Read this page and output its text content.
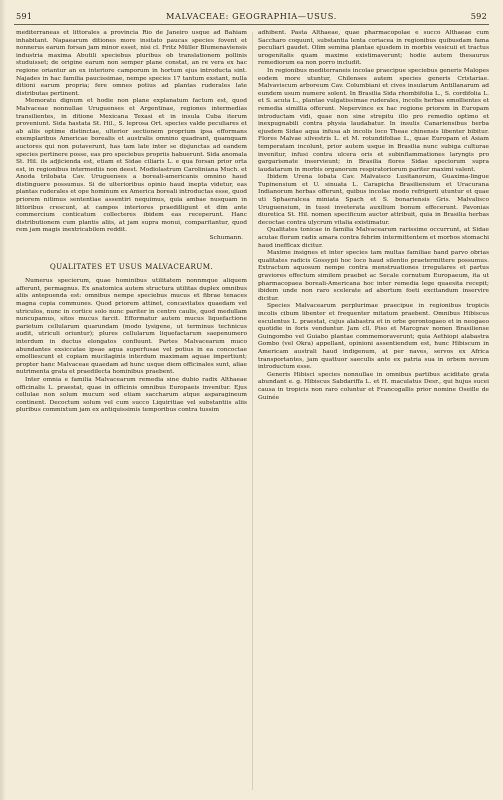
591	MALVACEAE: GEOGRAPHIA—USUS.	592

mediterraneas et littorales a provincia Rio de Janeiro usque ad Bahiam inhabitant. Napaearum ditiones more insitato paucas species fovent et nonnerus earum forsan jam minor esset, nisi cl. Fritz Müller Blumenaviensis industria maxima Abutili speciebus pluribus ob translationem pollinis studuisset; de origine earum non semper plane constat, an re vera ex hac regione oriantur an ex interiore camporum in hortum ejus introducta sint. Najades in hac familia paucissimae, nempe species 17 tantum exstant, nulla ditioni earum propria; fere omnes potius ad plantas ruderales late distributas pertinent.

Memoratu dignum et hodie non plane explanatum factum est, quod Malvaceae nonnullae Uruguenses et Argentinae, regiones intermedias transilientes, in ditione Mexicana Texasi et in insula Cuba iterum proveniunt. Sida hastata St. Hil., S. leprosa Ort. species valde peculiares et ab aliis optime distinctae, ulterior sectionem proprium ipsa efformans exemplaribus Americae borealis et australis omnino quadrant, quamquam auctores qui non putaverunt, has tam late inter se disjunctas ad eandem species pertinere posse, eas pro speciebus propriis habuerunt. Sida anomala St. Hil. ils adjicienda est, etiam et Sidae ciliaris L. e qua forsan prior orta est, in regionibus intermediis non deest. Modiolastrum Caroliniana Much. et Anoda trilobata Cav. Uruguenses a boreali-americanis omnino haud distinguere possumus. Si de ulterioribus opinio haud inepta videtur, eas plantas ruderales et ope hominum ex America boreali introductas esse, quod priorem nitimus sententiae assentiri nequimus, quia ambae nusquam in littoribus crescunt, at campos interiores praedilligunt et dim ante commercium conticatum collecteres ibidem eas receperunt. Hanc distributionem cum plantis aliis, at jam supra monui, comparitantur, quod rem jam magis inextricabilem reddit.

Schumann.
QUALITATES ET USUS MALVACEARUM.

Numerus specierum, quae hominibus utilitatem nonnmque aliquem afferunt, permagnus. Ex anatomica autem structura utilitas duplex omnibus aliis antepuenda est: omnibus nempe speciebus mucus et fibrae tenaces magna copia communes. Quod priorem attinet, concavitates quaedam vel utriculos, nunc in cortice solo nunc pariter in centro caulis, quod medullam nuncupamus, sitos mucus farcit. Efformatur autem mucus liquefactione parietum cellularum quarundam (modo lysigene, ut terminus technicus audit, utriculi oriuntur); plures cellularum liquefactarum saepenumero interdum in ductus elongatos confluunt. Partes Malvacearum muco abundantes exsiccatae ipsae aqua superfusae vel potius in ea concoctae emolliescunt et copiam mucilaginis interdum maximam aquae impertiunt; propter hanc Malvaceae quaedam ad hunc usque diem officinales sunt, aliae nutrimenta grata et praedilecta hominibus praebent.

Inter omnia e familia Malvacearum remedia sine dubio radix Althaeae officinalis L. praestat, quae in officinis omnibus Europaeis invenitur. Ejus cellulae non solum mucum sed etiam saccharum atque asparagineum continent. Decoctum solum vel cum succo Liquiritiae vel substantiis aliis pluribus commixtum jam ex antiquissimis temporibus contra tussim

adhibent. Pasta Althaeae, quae pharmacopolae e succo Althaeae cum Saccharo coquunt, substantia lenta coriacea in regionibus quibusdam fama peculiari gaudet. Olim semina plantae ejusdem in morbis vesicuii et tractus urogenitalis quam maxime existimaverunt; hodie autem thesaurus remediorum ea non porro includit.

In regionibus mediterraneis incolae praecipue speciebus generis Malopes eodem more utuntur, Chilenses autem species generis Cristariae. Malvaviscum arboreum Cav. Columbiani et cives insularum Antillanarum ad eundem usum numere solent. In Brasilia Sida rhombifolia L., S. cordifolia L. et S. acuta L., plantae vulgatissimae ruderales, incolis herbas emollientes et remedia simillia offerunt. Nepervince ex hac regione priorem in Europam introductam vidi, quae non sine strepitu illo pro remedio optimo et inexpugnabili contra physia laudabatur. In insulis Canariensibus herba ejusdem Sidae aqua infusa ab incolis loco Theae chinensis libenter bibitur. Flores Malvae silvestris L. et M. rotundifoliae L., quae Europam et Asiam temperatam incolunt, prior autem usque in Brasilia nunc subiga culturae invenitur, infusi contra ulcera oris et subinflammationes laryngis pro gargarismate inservieunt; in Brasilia flores Sidae speciorum supra laudatarum in morbis organorum respiratoriorum pariter maximi valent.

Ibidem Urena lobata Cav. Malvaisco Lusitanorum, Guaxima-lingue Tupinensium et U. sinuata L. Carapicha Brasiliensium et Uracurana Indianorum herbas offerunt, quibus incolae modo refrigerii utuntur et quae uti Sphaeralcea miniata Spach et S. bonariensis Gris. Malvalisco Uruguensium, in tussi inveterata auxilium bonum effecerunt. Pavonias diuretica St. Hil. nomen specificum auctor attribuit, quia in Brasilia herbas decoctae contra ulycrum vitalia existimatur.

Qualitates tonicae in familia Malvacearum rarissime occurrunt, at Sidae acutae florum radix amara contra febrim intermittentem et morbos stomachi haud inefflcax dicitur.

Maxime insignes et inter species tam multas familiae hand parvo obrias qualitates radicis Gossypii hoc loco haud silentio praetermittere possumus. Extractum aquosum nempe contra menstruationes irregulares et partus graviores effectum similem praebet ac Secale cornutum Europaeum, ita ut pharmacopaea boreali-Americana hoc inter remedia lege quaesita recepit; ibidem unde non raro scelerate ad abortum foeti excitandum inservire dicitur.

Species Malvacearum perplurimae praecipue in regionibus tropicis incolis cibum libenter et frequenter mitatum praebent. Omnibus Hibiscus esculentus L. praestat, cujus alabastra et in orbe gerontogaeo et in neogaeo quotidie in foris venduntur. Jam cll. Piso et Marcgrav nomen Brasiliense Guingombo vel Guiabo plantae commemoraverunt; quia Aethiopi alabastra Gombo (vel Okra) appellant, opinioni assentiendum est, hunc Hibiscum in Americam australi haud indigenum, at per naves, servos ex Africa transportantes, jam quattuor saeculis ante ex patria sua in orbem novum introductum esse.

Generis Hibisci species nonnullae in omnibus partibus aciditate grata abundant e. g. Hibiscus Sabdariffa L. et H. maculatus Desr., qui hujus sucei causa in tropicis non raro coluntur et Francogallis prior nomine Oseille de Guinée
